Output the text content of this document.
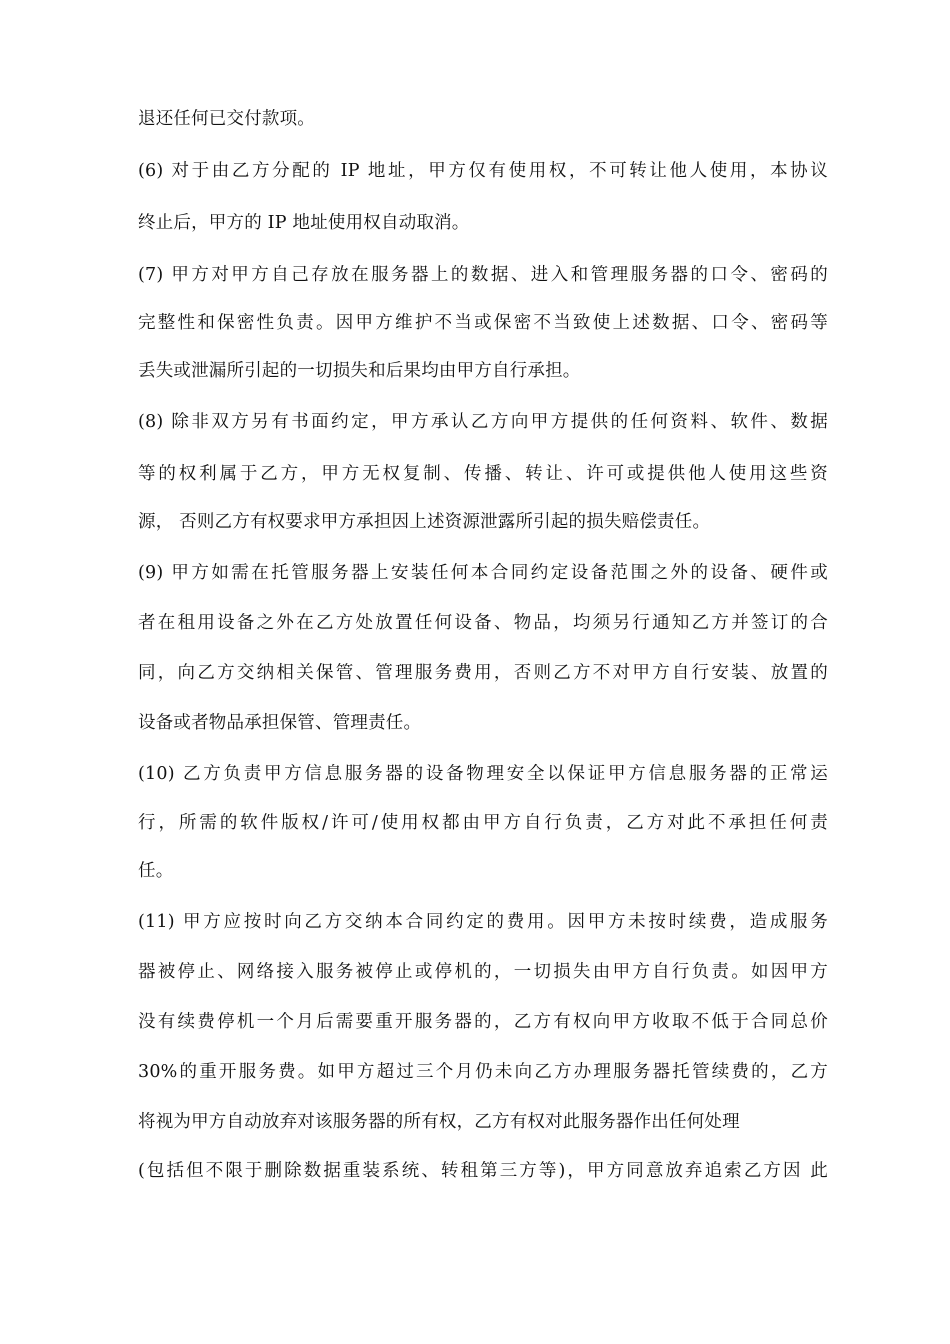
退还任何已交付款项。
(6) 对于由乙方分配的 IP 地址，甲方仅有使用权，不可转让他人使用，本协议
终止后，甲方的 IP 地址使用权自动取消。
(7) 甲方对甲方自己存放在服务器上的数据、进入和管理服务器的口令、密码的
完整性和保密性负责。因甲方维护不当或保密不当致使上述数据、口令、密码等
丢失或泄漏所引起的一切损失和后果均由甲方自行承担。
(8) 除非双方另有书面约定，甲方承认乙方向甲方提供的任何资料、软件、数据
等的权利属于乙方，甲方无权复制、传播、转让、许可或提供他人使用这些资
源， 否则乙方有权要求甲方承担因上述资源泄露所引起的损失赔偿责任。
(9) 甲方如需在托管服务器上安装任何本合同约定设备范围之外的设备、硬件或
者在租用设备之外在乙方处放置任何设备、物品，均须另行通知乙方并签订的合
同，向乙方交纳相关保管、管理服务费用，否则乙方不对甲方自行安装、放置的
设备或者物品承担保管、管理责任。
(10) 乙方负责甲方信息服务器的设备物理安全以保证甲方信息服务器的正常运
行，所需的软件版权/许可/使用权都由甲方自行负责，乙方对此不承担任何责
任。
(11) 甲方应按时向乙方交纳本合同约定的费用。因甲方未按时续费，造成服务
器被停止、网络接入服务被停止或停机的，一切损失由甲方自行负责。如因甲方
没有续费停机一个月后需要重开服务器的，乙方有权向甲方收取不低于合同总价
30%的重开服务费。如甲方超过三个月仍未向乙方办理服务器托管续费的，乙方
将视为甲方自动放弃对该服务器的所有权，乙方有权对此服务器作出任何处理
(包括但不限于删除数据重装系统、转租第三方等)，甲方同意放弃追索乙方因 此
